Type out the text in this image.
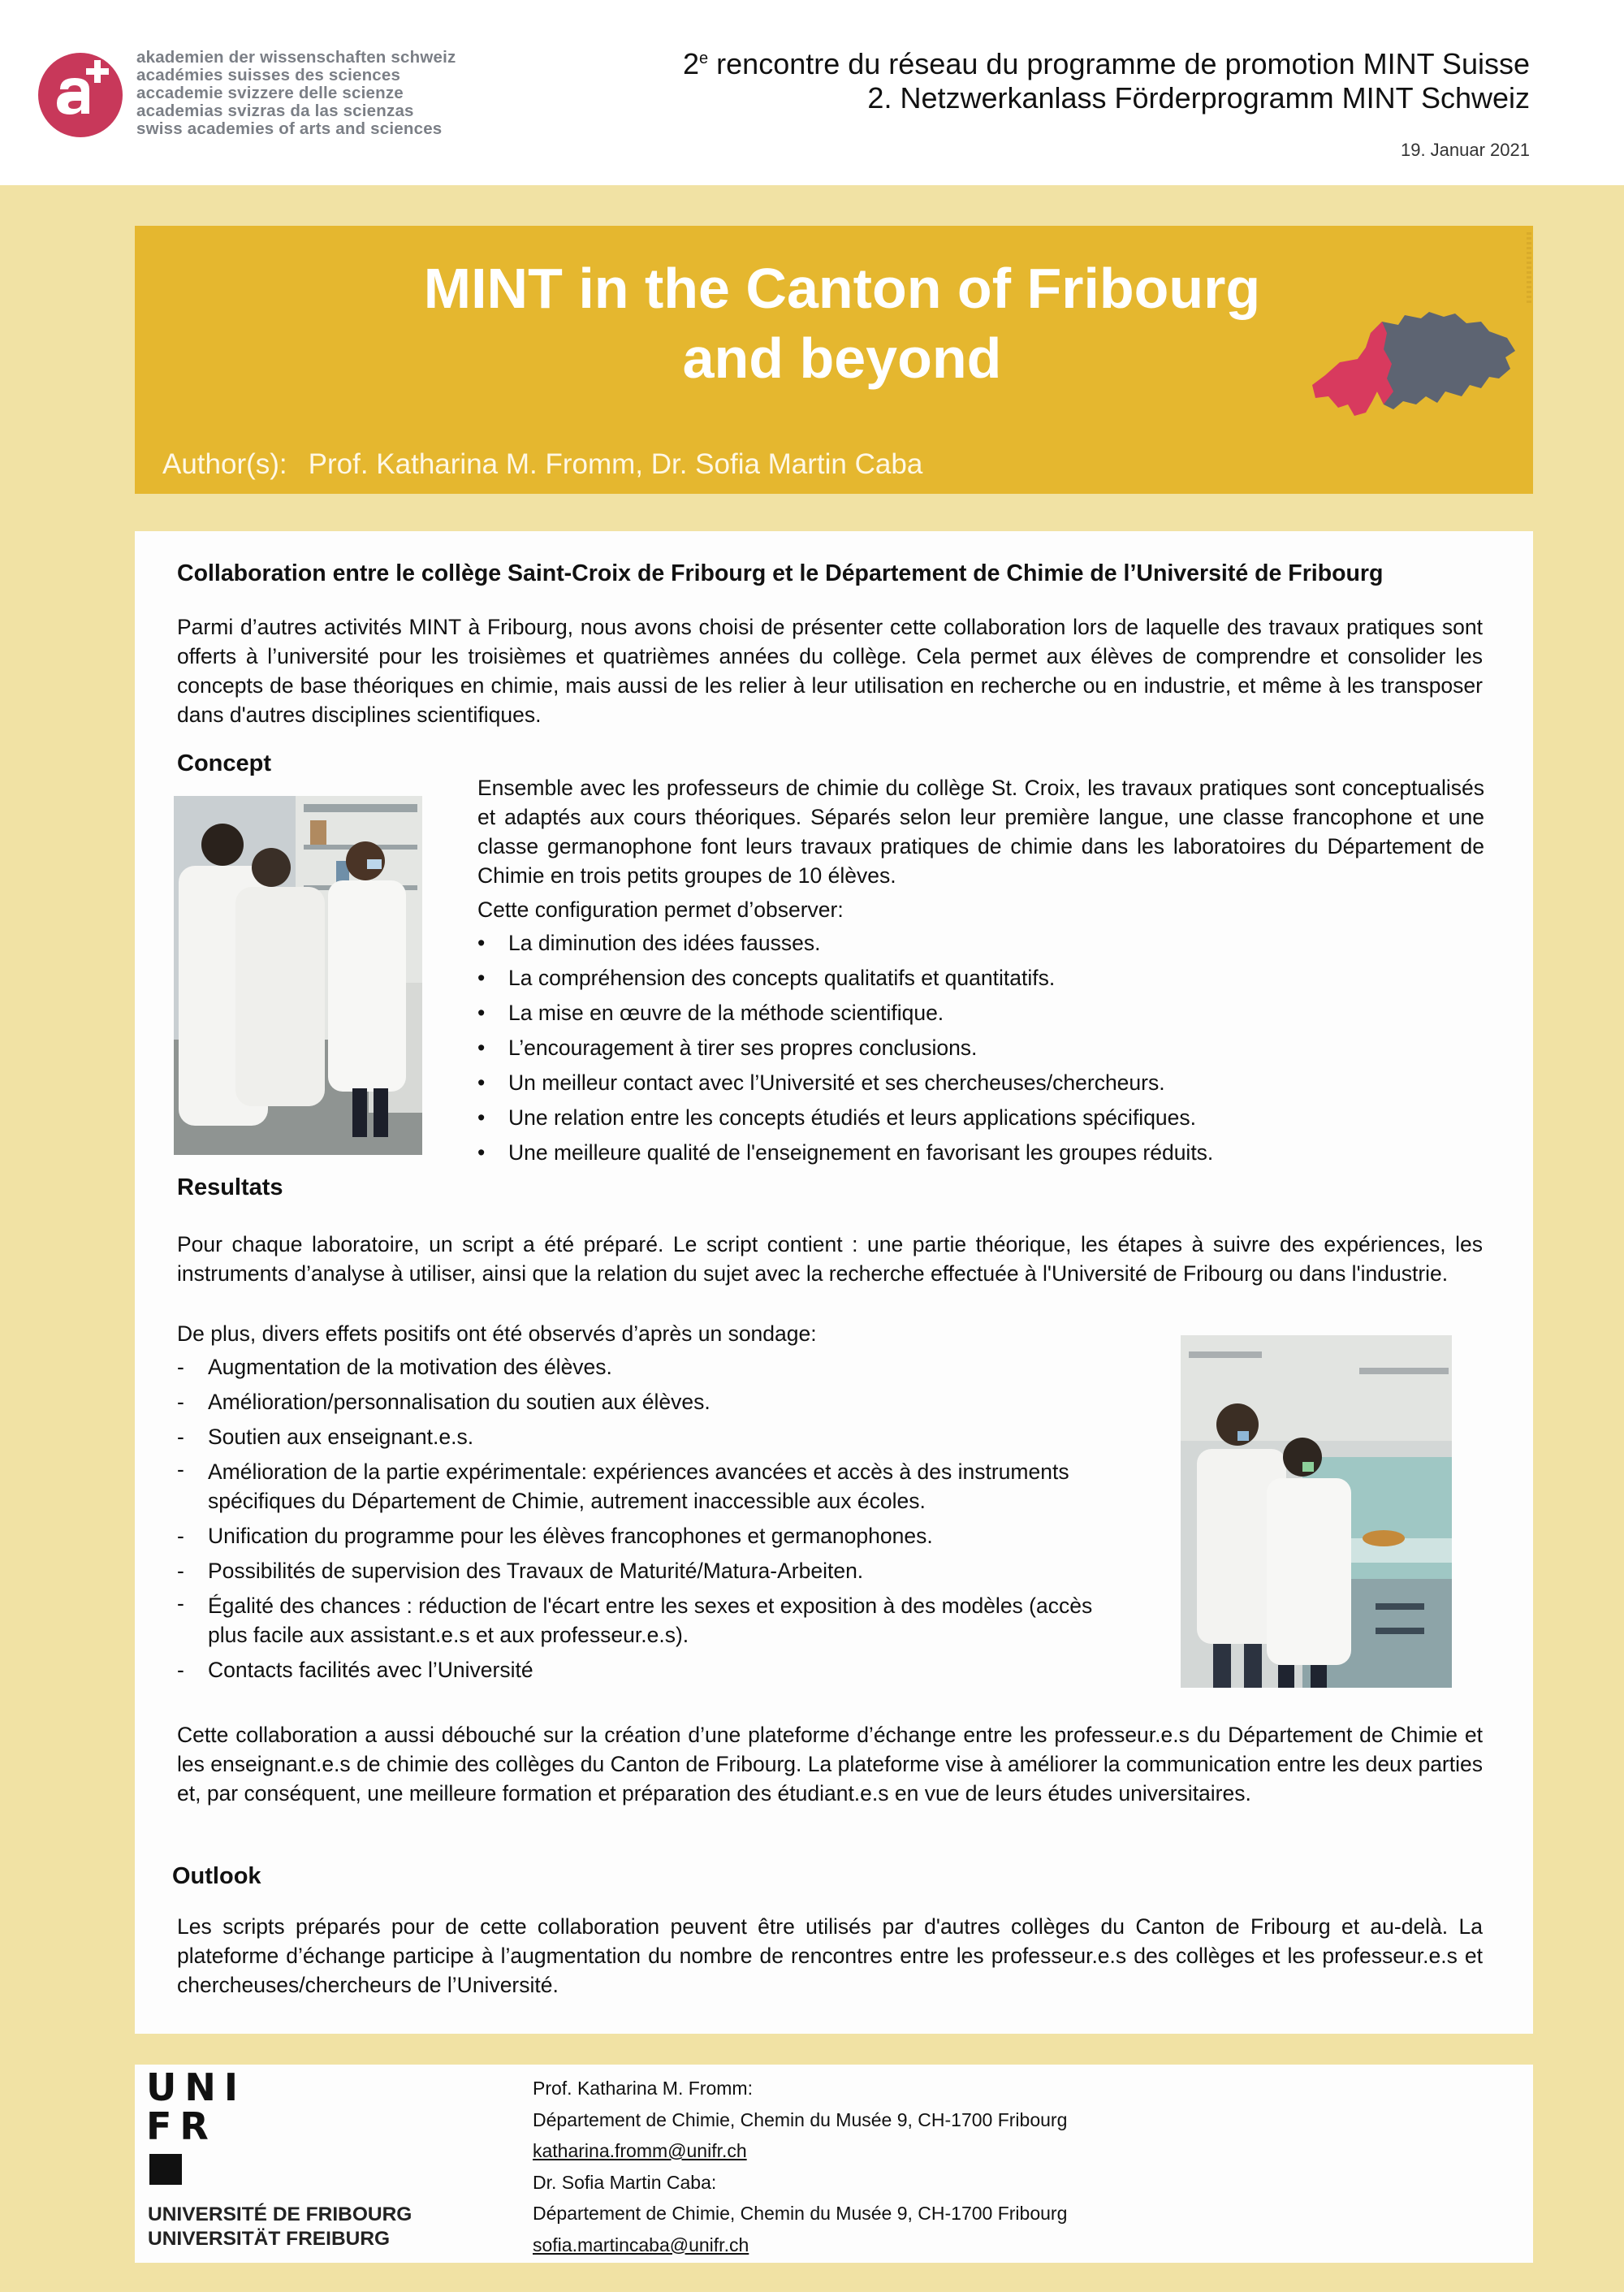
akademien der wissenschaften schweiz
académies suisses des sciences
accademie svizzere delle scienze
academias svizras da las scienzas
swiss academies of arts and sciences
2e rencontre du réseau du programme de promotion MINT Suisse
2. Netzwerkanlass Förderprogramm MINT Schweiz
19. Januar 2021
MINT in the Canton of Fribourg
and beyond
Author(s): Prof. Katharina M. Fromm, Dr. Sofia Martin Caba
Collaboration entre le collège Saint-Croix de Fribourg et le Département de Chimie de l’Université de Fribourg
Parmi d’autres activités MINT à Fribourg, nous avons choisi de présenter cette collaboration lors de laquelle des travaux pratiques sont offerts à l’université pour les troisièmes et quatrièmes années du collège. Cela permet aux élèves de comprendre et consolider les concepts de base théoriques en chimie, mais aussi de les relier à leur utilisation en recherche ou en industrie, et même à les transposer dans d'autres disciplines scientifiques.
Concept
Ensemble avec les professeurs de chimie du collège St. Croix, les travaux pratiques sont conceptualisés et adaptés aux cours théoriques. Séparés selon leur première langue, une classe francophone et une classe germanophone font leurs travaux pratiques de chimie dans les laboratoires du Département de Chimie en trois petits groupes de 10 élèves.
Cette configuration permet d’observer:
• La diminution des idées fausses.
• La compréhension des concepts qualitatifs et quantitatifs.
• La mise en œuvre de la méthode scientifique.
• L’encouragement à tirer ses propres conclusions.
• Un meilleur contact avec l’Université et ses chercheuses/chercheurs.
• Une relation entre les concepts étudiés et leurs applications spécifiques.
• Une meilleure qualité de l'enseignement en favorisant les groupes réduits.
Resultats
Pour chaque laboratoire, un script a été préparé. Le script contient : une partie théorique, les étapes à suivre des expériences, les instruments d’analyse à utiliser, ainsi que la relation du sujet avec la recherche effectuée à l'Université de Fribourg ou dans l'industrie.
De plus, divers effets positifs ont été observés d’après un sondage:
- Augmentation de la motivation des élèves.
- Amélioration/personnalisation du soutien aux élèves.
- Soutien aux enseignant.e.s.
- Amélioration de la partie expérimentale: expériences avancées et accès à des instruments spécifiques du Département de Chimie, autrement inaccessible aux écoles.
- Unification du programme pour les élèves francophones et germanophones.
- Possibilités de supervision des Travaux de Maturité/Matura-Arbeiten.
- Égalité des chances : réduction de l'écart entre les sexes et exposition à des modèles (accès plus facile aux assistant.e.s et aux professeur.e.s).
- Contacts facilités avec l’Université
Cette collaboration a aussi débouché sur la création d’une plateforme d’échange entre les professeur.e.s du Département de Chimie et les enseignant.e.s de chimie des collèges du Canton de Fribourg. La plateforme vise à améliorer la communication entre les deux parties et, par conséquent, une meilleure formation et préparation des étudiant.e.s en vue de leurs études universitaires.
Outlook
Les scripts préparés pour de cette collaboration peuvent être utilisés par d'autres collèges du Canton de Fribourg et au-delà. La plateforme d’échange participe à l’augmentation du nombre de rencontres entre les professeur.e.s des collèges et les professeur.e.s et chercheuses/chercheurs de l’Université.
UNI
FR
UNIVERSITÉ DE FRIBOURG
UNIVERSITÄT FREIBURG
Prof. Katharina M. Fromm:
Département de Chimie, Chemin du Musée 9, CH-1700 Fribourg
katharina.fromm@unifr.ch
Dr. Sofia Martin Caba:
Département de Chimie, Chemin du Musée 9, CH-1700 Fribourg
sofia.martincaba@unifr.ch
